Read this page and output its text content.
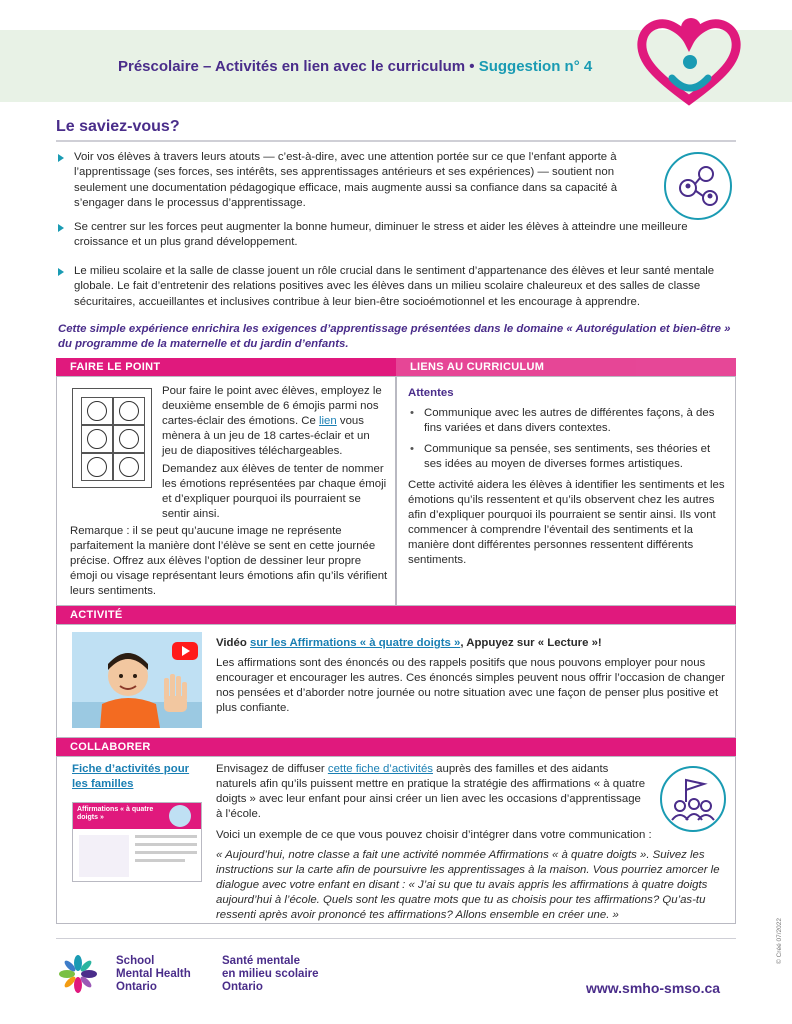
Préscolaire – Activités en lien avec le curriculum • Suggestion n° 4
Le saviez-vous?
Voir vos élèves à travers leurs atouts — c’est-à-dire, avec une attention portée sur ce que l’enfant apporte à l’apprentissage (ses forces, ses intérêts, ses apprentissages antérieurs et ses expériences) — soutient non seulement une documentation pédagogique efficace, mais augmente aussi sa confiance dans sa capacité à s’engager dans le processus d’apprentissage.
Se centrer sur les forces peut augmenter la bonne humeur, diminuer le stress et aider les élèves à atteindre une meilleure croissance et un plus grand développement.
Le milieu scolaire et la salle de classe jouent un rôle crucial dans le sentiment d’appartenance des élèves et leur santé mentale globale. Le fait d’entretenir des relations positives avec les élèves dans un milieu scolaire chaleureux et des salles de classe sécuritaires, accueillantes et inclusives contribue à leur bien-être socioémotionnel et les encourage à apprendre.
Cette simple expérience enrichira les exigences d’apprentissage présentées dans le domaine « Autorégulation et bien-être » du programme de la maternelle et du jardin d’enfants.
FAIRE LE POINT	LIENS AU CURRICULUM
Pour faire le point avec élèves, employez le deuxième ensemble de 6 émojis parmi nos cartes-éclair des émotions. Ce lien vous mènera à un jeu de 18 cartes-éclair et un jeu de diapositives téléchargeables.
Demandez aux élèves de tenter de nommer les émotions représentées par chaque émoji et d’expliquer pourquoi ils pourraient se sentir ainsi.
Remarque : il se peut qu’aucune image ne représente parfaitement la manière dont l’élève se sent en cette journée précise. Offrez aux élèves l’option de dessiner leur propre émoji ou visage représentant leurs émotions afin qu’ils vérifient leurs sentiments.
Attentes
• Communique avec les autres de différentes façons, à des fins variées et dans divers contextes.
• Communique sa pensée, ses sentiments, ses théories et ses idées au moyen de diverses formes artistiques.
Cette activité aidera les élèves à identifier les sentiments et les émotions qu’ils ressentent et qu’ils observent chez les autres afin d’expliquer pourquoi ils pourraient se sentir ainsi. Ils vont commencer à comprendre l’éventail des sentiments et la manière dont différentes personnes ressentent différents sentiments.
ACTIVITÉ
Vidéo sur les Affirmations « à quatre doigts », Appuyez sur « Lecture »!
Les affirmations sont des énoncés ou des rappels positifs que nous pouvons employer pour nous encourager et encourager les autres. Ces énoncés simples peuvent nous offrir l’occasion de changer nos pensées et d’aborder notre journée ou notre situation avec une façon de penser plus positive et plus confiante.
COLLABORER
Fiche d’activités pour les familles
Affirmations « à quatre doigts »
Envisagez de diffuser cette fiche d’activités auprès des familles et des aidants naturels afin qu’ils puissent mettre en pratique la stratégie des affirmations « à quatre doigts » avec leur enfant pour ainsi créer un lien avec les occasions d’apprentissage à l’école.
Voici un exemple de ce que vous pouvez choisir d’intégrer dans votre communication :
« Aujourd’hui, notre classe a fait une activité nommée Affirmations « à quatre doigts ». Suivez les instructions sur la carte afin de poursuivre les apprentissages à la maison. Vous pourriez amorcer le dialogue avec votre enfant en disant : « J’ai su que tu avais appris les affirmations à quatre doigts aujourd’hui à l’école. Quels sont les quatre mots que tu as choisis pour tes affirmations? Qu’as-tu ressenti après avoir prononcé tes affirmations? Allons ensemble en créer une. »
School
Mental Health
Ontario
Santé mentale
en milieu scolaire
Ontario	www.smho-smso.ca
© Créé 07/2022
